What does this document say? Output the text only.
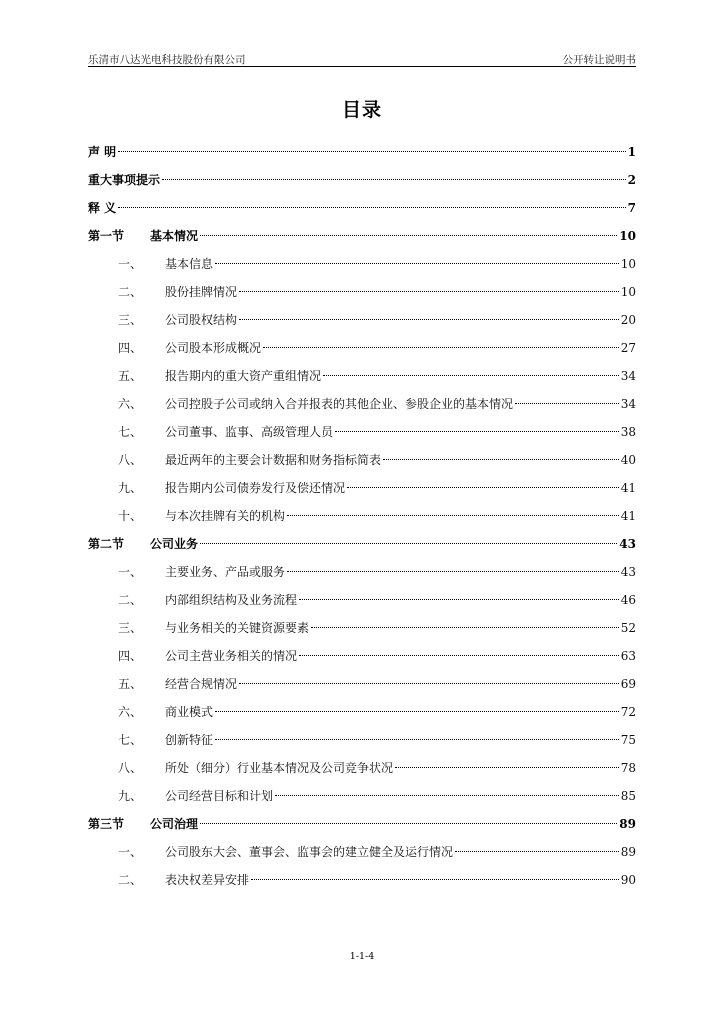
乐清市八达光电科技股份有限公司	公开转让说明书
目录
声 明	1
重大事项提示	2
释 义	7
第一节	基本情况	10
一、	基本信息	10
二、	股份挂牌情况	10
三、	公司股权结构	20
四、	公司股本形成概况	27
五、	报告期内的重大资产重组情况	34
六、	公司控股子公司或纳入合并报表的其他企业、参股企业的基本情况	34
七、	公司董事、监事、高级管理人员	38
八、	最近两年的主要会计数据和财务指标简表	40
九、	报告期内公司债券发行及偿还情况	41
十、	与本次挂牌有关的机构	41
第二节	公司业务	43
一、	主要业务、产品或服务	43
二、	内部组织结构及业务流程	46
三、	与业务相关的关键资源要素	52
四、	公司主营业务相关的情况	63
五、	经营合规情况	69
六、	商业模式	72
七、	创新特征	75
八、	所处（细分）行业基本情况及公司竞争状况	78
九、	公司经营目标和计划	85
第三节	公司治理	89
一、	公司股东大会、董事会、监事会的建立健全及运行情况	89
二、	表决权差异安排	90
1-1-4
